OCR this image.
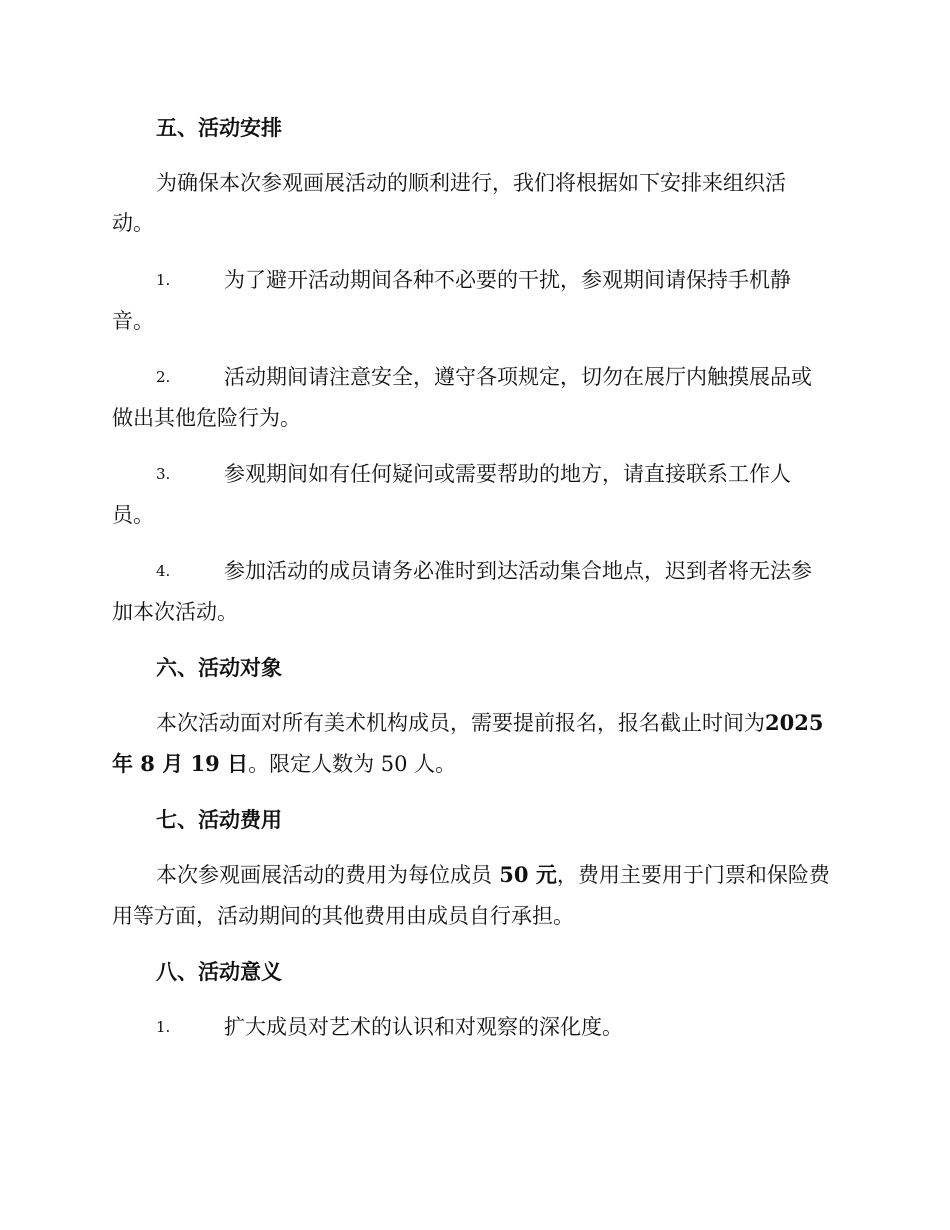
五、活动安排
为确保本次参观画展活动的顺利进行，我们将根据如下安排来组织活
动。
1.	为了避开活动期间各种不必要的干扰，参观期间请保持手机静
音。
2.	活动期间请注意安全，遵守各项规定，切勿在展厅内触摸展品或
做出其他危险行为。
3.	参观期间如有任何疑问或需要帮助的地方，请直接联系工作人
员。
4.	参加活动的成员请务必准时到达活动集合地点，迟到者将无法参
加本次活动。
六、活动对象
本次活动面对所有美术机构成员，需要提前报名，报名截止时间为2025
年 8 月 19 日。限定人数为 50 人。
七、活动费用
本次参观画展活动的费用为每位成员 50 元，费用主要用于门票和保险费
用等方面，活动期间的其他费用由成员自行承担。
八、活动意义
1.	扩大成员对艺术的认识和对观察的深化度。
